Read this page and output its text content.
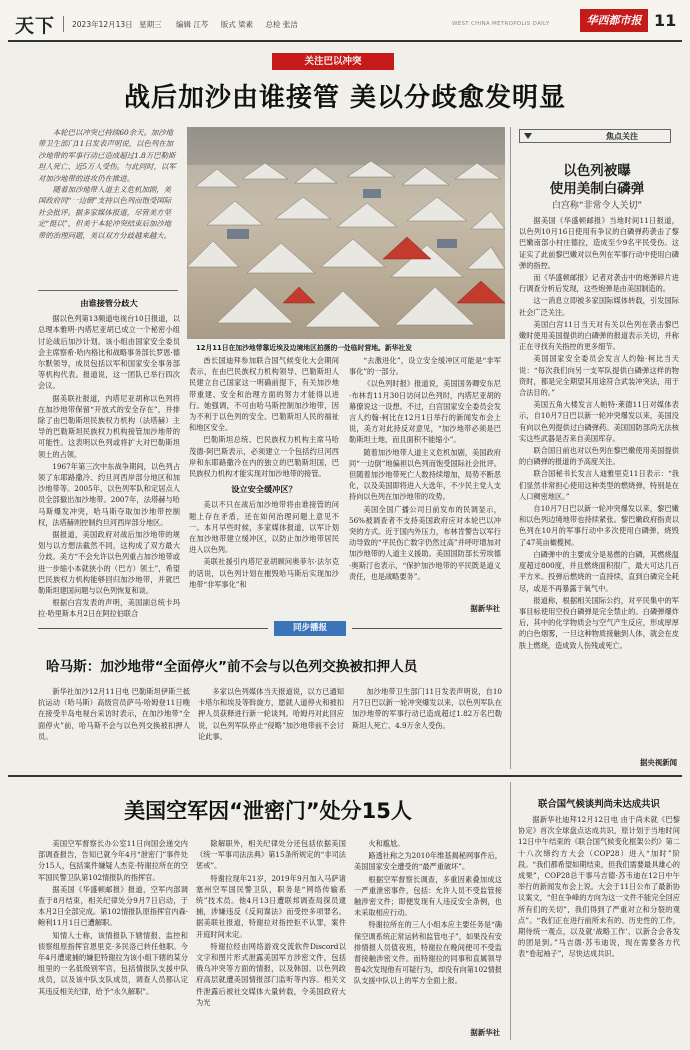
天下 2023年12月13日 星期三 编辑 江芩 版式 梁素 总检 张洁	WEST CHINA METROPOLIS DAILY	华西都市报 11
关注巴以冲突
战后加沙由谁接管 美以分歧愈发明显

本轮巴以冲突已持续60余天。加沙地带卫生部门11日发表声明说，以色列在加沙地带的军事行动已造成超过1.8万巴勒斯坦人死亡、近5万人受伤。与此同时，以军对加沙地带的进攻仍在推进。

随着加沙地带人道主义危机加剧，美国政府同“一边倒”支持以色列而饱受国际社会批评。据多家媒体报道，尽管美方坚定“挺以”，但美于本轮冲突结束后加沙地带的治理问题，美以双方分歧越来越大。

由谁接管分歧大

据以色列第13频道电视台10日报道，以总理本雅明·内塔尼亚胡已成立一个秘密小组讨论战后加沙计划。该小组由国家安全委员会主席察希·哈内格比和战略事务部长罗恩·德尔默领导，成员包括以军和国家安全事务部等机构代表。报道说，这一团队已举行四次会议。

据美联社报道，内塔尼亚胡称以色列将在加沙地带保留“开放式的安全存在”，并排除了由巴勒斯坦民族权力机构（法塔赫）主导的巴勒斯坦民族权力机构接管加沙地带的可能性。这表明以色列或将扩大对巴勒斯坦领土的占领。

1967年第三次中东战争期间，以色列占领了东耶路撒冷、约旦河西岸部分地区和加沙地带等。2005年，以色列军队和定居点人员全部撤出加沙地带。2007年，法塔赫与哈马斯爆发冲突，哈马斯夺取加沙地带控制权，法塔赫则控制约旦河西岸部分地区。

据报道，美国政府对战后加沙地带的规划与以方想法截然不同，这构成了双方最大分歧。美方“不会允许以色列重占加沙地带或进一步缩小本就狭小的（巴方）领土”，希望巴民族权力机构能够回归加沙地带，并就巴勒斯坦建国问题与以色列恢复和谈。

根据白宫发表的声明，美国副总统卡玛拉·哈里斯本月2日在阿拉伯联合

12月11日在加沙地带靠近埃及边境地区拍摄的一处临时营地。新华社发

酋长国迪拜参加联合国气候变化大会期间表示，在由巴民族权力机构领导、巴勒斯坦人民建立自己国家这一明确前提下，有关加沙地带重建、安全和治理方面的努力才能得以进行。她强调，不可由哈马斯控制加沙地带，因为不利于以色列的安全、巴勒斯坦人民的福祉和地区安全。

巴勒斯坦总统、巴民族权力机构主席马哈茂德·阿巴斯表示，必须建立一个包括约旦河西岸和东耶路撒冷在内的独立的巴勒斯坦国，巴民族权力机构才能实现对加沙地带的接管。

设立安全缓冲区？

美以不只在战后加沙地带将由谁接管的问题上存在矛盾，还在如何治理问题上意见不一。本月早些时候，多家媒体报道，以军计划在加沙地带建立缓冲区，以防止加沙地带居民进入以色列。

美联社援引内塔尼亚胡顾问奥菲尔·法尔克的话说，以色列计划在摧毁哈马斯后实现加沙地带“非军事化”和

“去激进化”，设立安全缓冲区可能是“非军事化”的一部分。

《以色列时报》报道说，美国国务卿安东尼·布林肯11月30日访问以色列时，内塔尼亚胡的幕僚说这一设想。不过，白宫国家安全委员会发言人约翰·柯比在12月1日举行的新闻发布会上说，美方对此持反对意见，“加沙地带必须是巴勒斯坦土地，而且面积不能缩小”。

随着加沙地带人道主义危机加剧，美国政府同“一边倒”地偏袒以色列而饱受国际社会批评。但随着加沙地带死亡人数持续增加，局势不断恶化，以及美国即将进入大选年，不少民主党人支持向以色列在加沙地带的攻势。

美国全国广播公司日前发布的民调显示，56%被调查者不支持美国政府应对本轮巴以冲突的方式。近于国内外压力，布林肯警告以军行动导致的“平民伤亡数字仍然过高”并呼吁增加对加沙地带的人道主义援助。美国国防部长劳埃德·奥斯汀也表示，“保护加沙地带的平民既是道义责任，也是战略要务”。

据新华社
焦点关注
以色列被曝
使用美制白磷弹
白宫称“非常令人关切”

据美国《华盛顿邮报》当地时间11日报道，以色列10月16日使用有争议的白磷弹药袭击了黎巴嫩南部小村庄德拉，造成至少9名平民受伤。这证实了此前黎巴嫩对以色列在军事行动中使用白磷弹的指控。

而《华盛顿邮报》记者对袭击中的炮弹碎片进行调查分析后发现，这些炮弹是由美国制造的。

这一消息立即被多家国际媒体转载，引发国际社会广泛关注。

美国白宫11日当天对有关以色列在袭击黎巴嫩时使用美国提供的白磷弹的报道表示关切，并称正在寻找有关指控的更多细节。

美国国家安全委员会发言人约翰·柯比当天说：“每次我们向另一支军队提供白磷弹这样的物资时，都是完全期望其用途符合武装冲突法，用于合法目的。”

美国五角大楼发言人帕特·莱德11日对媒体表示，自10月7日巴以新一轮冲突爆发以来，美国没有向以色列提供过白磷弹药。美国国防部尚无法核实这些武器是否来自美国库存。

联合国日前也对以色列在黎巴嫩使用美国提供的白磷弹的报道的予高度关注。

联合国秘书长发言人迪雅里克11日表示：“我们显然非常担心使用这种类型的燃烧弹，特别是在人口稠密地区。”

自10月7日巴以新一轮冲突爆发以来，黎巴嫩和以色列边境地带也持续紧张。黎巴嫩政府指责以色列在10月的军事行动中多次使用白磷弹，烧毁了47英亩橄榄树。

白磷弹中的主要成分是易燃的白磷，其燃烧温度超过800度，并且燃烧面积很广，最大可达几百平方米。投弹后燃烧的一直持续，直到白磷完全耗尽，或是不再暴露于氧气中。

报道称，根据相关国际公约，对平民集中的军事目标使用空投白磷弹是完全禁止的。白磷弹爆炸后，其中的化学物质会与空气产生反应，形成厚厚的白色烟雾，一旦这种物质接触到人体，就会在皮肤上燃烧，造成致人伤残或死亡。

据央视新闻
同步播报
哈马斯：加沙地带“全面停火”前不会与以色列交换被扣押人员

新华社加沙12月11日电 巴勒斯坦伊斯兰抵抗运动（哈马斯）高级官员萨马·哈姆登11日晚在接受半岛电视台采访时表示，在加沙地带“全面停火”前，哈马斯不会与以色列交换被扣押人员。

多家以色列媒体当天报道说，以方已通知卡塔尔和埃及等斡旋方，愿就人道停火和被扣押人员获释进行新一轮谈判。哈姆丹对此回应说，以色列军队停止“侵略”加沙地带前不会讨论此事。

加沙地带卫生部门11日发表声明说，自10月7日巴以新一轮冲突爆发以来，以色列军队在加沙地带的军事行动已造成超过1.82万名巴勒斯坦人死亡、4.9万余人受伤。

美国空军因“泄密门”处分15人

美国空军督察长办公室11日向国会递交内部调查报告，告知已就今年4月“泄密门”事件处分15人，包括案件嫌疑人杰克·特谢拉所在的空军国民警卫队第102情报队的指挥官。

据美国《华盛顿邮报》报道，空军内部调查于8月结束，相关纪律处分9月7日启动，于本月2日全部完成。第102情报队原指挥官内森·鲍利11月1日已遭解职。

知情人士称，该情报队下辖情报、监控和侦察组原指挥官恩里克·多民洛已转任他职。今年4月遭逮捕的嫌犯特谢拉为该小组下辖的某分组里的一名低级别军官，包括情报队支援中队成员，以及该中队支队成员，调查人员都认定其违反相关纪律，给予“永久解职”。

除解职外，相关纪律处分还包括依据美国《统一军事司法法典》第15条所规定的“非司法惩戒”。

特谢拉现年21岁，2019年9月加入马萨诸塞州空军国民警卫队，职务是“网络传输系统”技术员。他4月13日遭联邦调查局探员逮捕，涉嫌违反《反间谍法》而受控多项罪名。据美联社报道，特谢拉对指控拒不认罪，案件开庭时间未定。

特谢拉经由网络游戏交流软件Discord以文字和图片形式泄露美国军方涉密文件，包括俄乌冲突等方面的情报，以及韩国、以色列政府高层就遭美国情报部门监听等内容。相关文件泄露后被社交媒体大量转载，令美国政府大为光

火和尴尬。

路透社称之为2010年维基揭秘网事件后，美国国家安全遭受的“最严重破坏”。

根据空军督察长调查，多重因素叠加成这一严重泄密事件，包括：允许人员不受监管接触涉密文件；即便发现有人违反安全条例，也未采取相应行动。

特谢拉所在的三人小组本应主要任务是“确保空调系统正常运转和监管电子”，如果没有安排情报人员值夜班，特谢拉在晚间便可不受监督接触涉密文件。而特谢拉的同事和直属领导曾4次发现他有可疑行为，却没有向第102情报队支援中队以上的军方全面上报。

据新华社
联合国气候谈判尚未达成共识

据新华社迪拜12月12日电 由于尚未就《巴黎协定》首次全球盘点达成共识，原计划于当地时间12日中午结束的《联合国气候变化框架公约》第二十八次缔约方大会（COP28）进入“加时”阶段。“我们都希望如期结束，但我们需要最具雄心的成果”，COP28总干事马吉德·苏韦迪在12日中午举行的新闻发布会上说。大会于11日公布了最新协议案文，“但在争峰的方向为这一文件不能完全回应所有们的关切”，我们得到了严重对立和分裂的观点”。“我们正在进行前所未有的、历史性的工作，期待统一观点，以及就‘战略工作’、以新合会各发的团是到。”马吉德·苏韦迪说，现在需要各方代表“卷起袖子”，尽快达成共识。
